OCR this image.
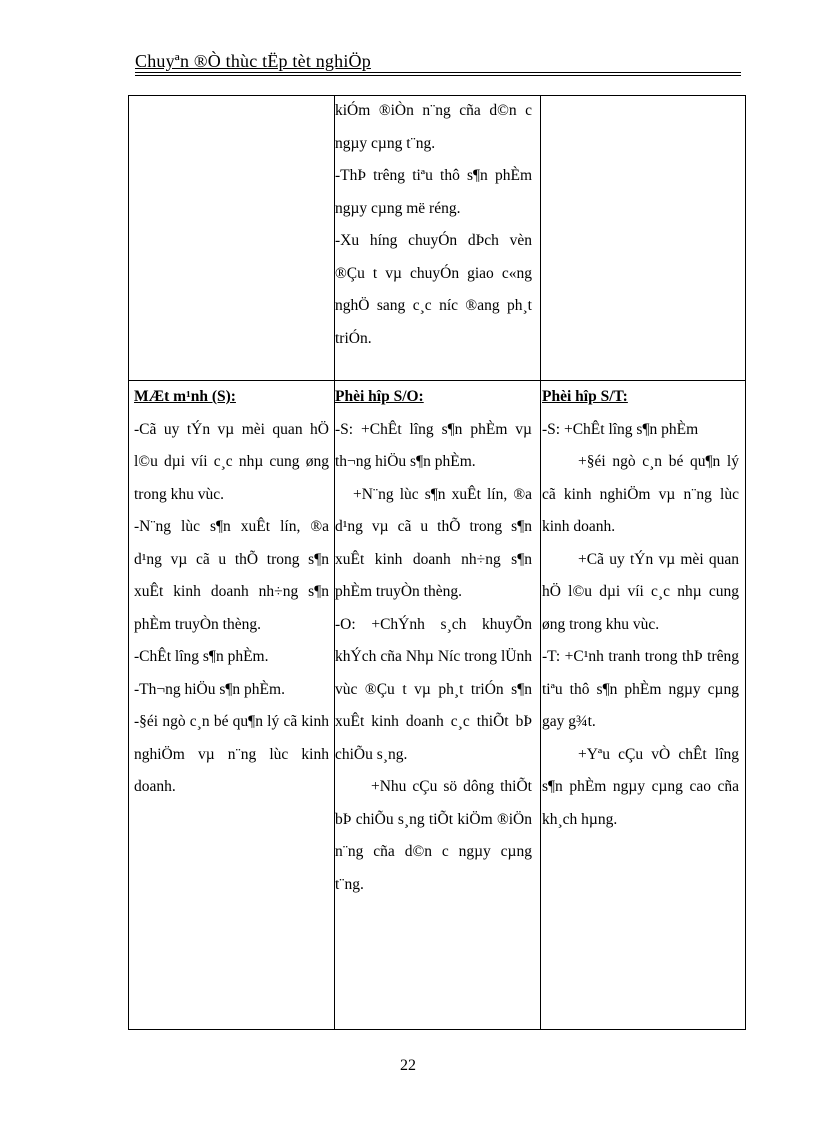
Chuyªn ®Ò thùc tËp tèt nghiÖp

kiÓm ®iÒn n¨ng cña d©n c ngµy cµng t¨ng.

-ThÞ trêng tiªu thô s¶n phÈm ngµy cµng më réng.

-Xu híng chuyÓn dÞch vèn ®Çu t vµ chuyÓn giao c«ng nghÖ sang c¸c níc ®ang ph¸t triÓn.

MÆt m¹nh (S):

-Cã uy tÝn vµ mèi quan hÖ l©u dµi víi c¸c nhµ cung øng trong khu vùc.

-N¨ng lùc s¶n xuÊt lín, ®a d¹ng vµ cã u thÕ trong s¶n xuÊt kinh doanh nh÷ng s¶n phÈm truyÒn thèng.

-ChÊt lîng s¶n phÈm.

-Th¬ng hiÖu s¶n phÈm.

-§éi ngò c¸n bé qu¶n lý cã kinh nghiÖm vµ n¨ng lùc kinh doanh.

Phèi hîp S/O:

-S: +ChÊt lîng s¶n phÈm vµ th¬ng hiÖu s¶n phÈm.

+N¨ng lùc s¶n xuÊt lín, ®a d¹ng vµ cã u thÕ trong s¶n xuÊt kinh doanh nh÷ng s¶n phÈm truyÒn thèng.

-O: +ChÝnh s¸ch khuyÕn khÝch cña Nhµ Níc trong lÜnh vùc ®Çu t vµ ph¸t triÓn s¶n xuÊt kinh doanh c¸c thiÕt bÞ chiÕu s¸ng.

+Nhu cÇu sö dông thiÕt bÞ chiÕu s¸ng tiÕt kiÖm ®iÖn n¨ng cña d©n c ngµy cµng t¨ng.

Phèi hîp S/T:

-S: +ChÊt lîng s¶n phÈm

+§éi ngò c¸n bé qu¶n lý cã kinh nghiÖm vµ n¨ng lùc kinh doanh.

+Cã uy tÝn vµ mèi quan hÖ l©u dµi víi c¸c nhµ cung øng trong khu vùc.

-T: +C¹nh tranh trong thÞ trêng tiªu thô s¶n phÈm ngµy cµng gay g¾t.

+Yªu cÇu vÒ chÊt lîng s¶n phÈm ngµy cµng cao cña kh¸ch hµng.

22
